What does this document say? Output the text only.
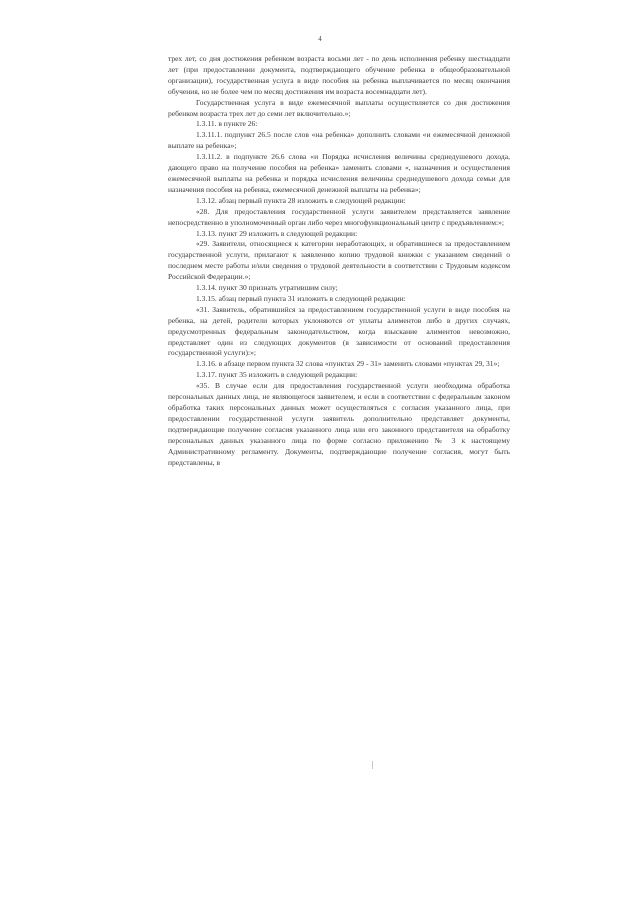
4

трех лет, со дня достижения ребенком возраста восьми лет - по день исполнения ребенку шестнадцати лет (при предоставлении документа, подтверждающего обучение ребенка в общеобразовательной организации), государственная услуга в виде пособия на ребенка выплачивается по месяц окончания обучения, но не более чем по месяц достижения им возраста восемнадцати лет).

Государственная услуга в виде ежемесячной выплаты осуществляется со дня достижения ребенком возраста трех лет до семи лет включительно.»;

1.3.11. в пункте 26:

1.3.11.1. подпункт 26.5 после слов «на ребенка» дополнить словами «и ежемесячной денежной выплате на ребенка»;

1.3.11.2. в подпункте 26.6 слова «и Порядка исчисления величины среднедушевого дохода, дающего право на получение пособия на ребенка» заменить словами «, назначения и осуществления ежемесячной выплаты на ребенка и порядка исчисления величины среднедушевого дохода семьи для назначения пособия на ребенка, ежемесячной денежной выплаты на ребенка»;

1.3.12. абзац первый пункта 28 изложить в следующей редакции:

«28. Для предоставления государственной услуги заявителем представляется заявление непосредственно в уполномоченный орган либо через многофункциональный центр с предъявлением:»;

1.3.13. пункт 29 изложить в следующей редакции:

«29. Заявители, относящиеся к категории неработающих, и обратившиеся за предоставлением государственной услуги, прилагают к заявлению копию трудовой книжки с указанием сведений о последнем месте работы и/или сведения о трудовой деятельности в соответствии с Трудовым кодексом Российской Федерации.»;

1.3.14. пункт 30 признать утратившим силу;

1.3.15. абзац первый пункта 31 изложить в следующей редакции:

«31. Заявитель, обратившийся за предоставлением государственной услуги в виде пособия на ребенка, на детей, родители которых уклоняются от уплаты алиментов либо в других случаях, предусмотренных федеральным законодательством, когда взыскание алиментов невозможно, представляет один из следующих документов (в зависимости от оснований предоставления государственной услуги):»;

1.3.16. в абзаце первом пункта 32 слова «пунктах 29 - 31» заменить словами «пунктах 29, 31»;

1.3.17. пункт 35 изложить в следующей редакции:

«35. В случае если для предоставления государственной услуги необходима обработка персональных данных лица, не являющегося заявителем, и если в соответствии с федеральным законом обработка таких персональных данных может осуществляться с согласия указанного лица, при предоставлении государственной услуги заявитель дополнительно представляет документы, подтверждающие получение согласия указанного лица или его законного представителя на обработку персональных данных указанного лица по форме согласно приложению № 3 к настоящему Административному регламенту. Документы, подтверждающие получение согласия, могут быть представлены, в

|
